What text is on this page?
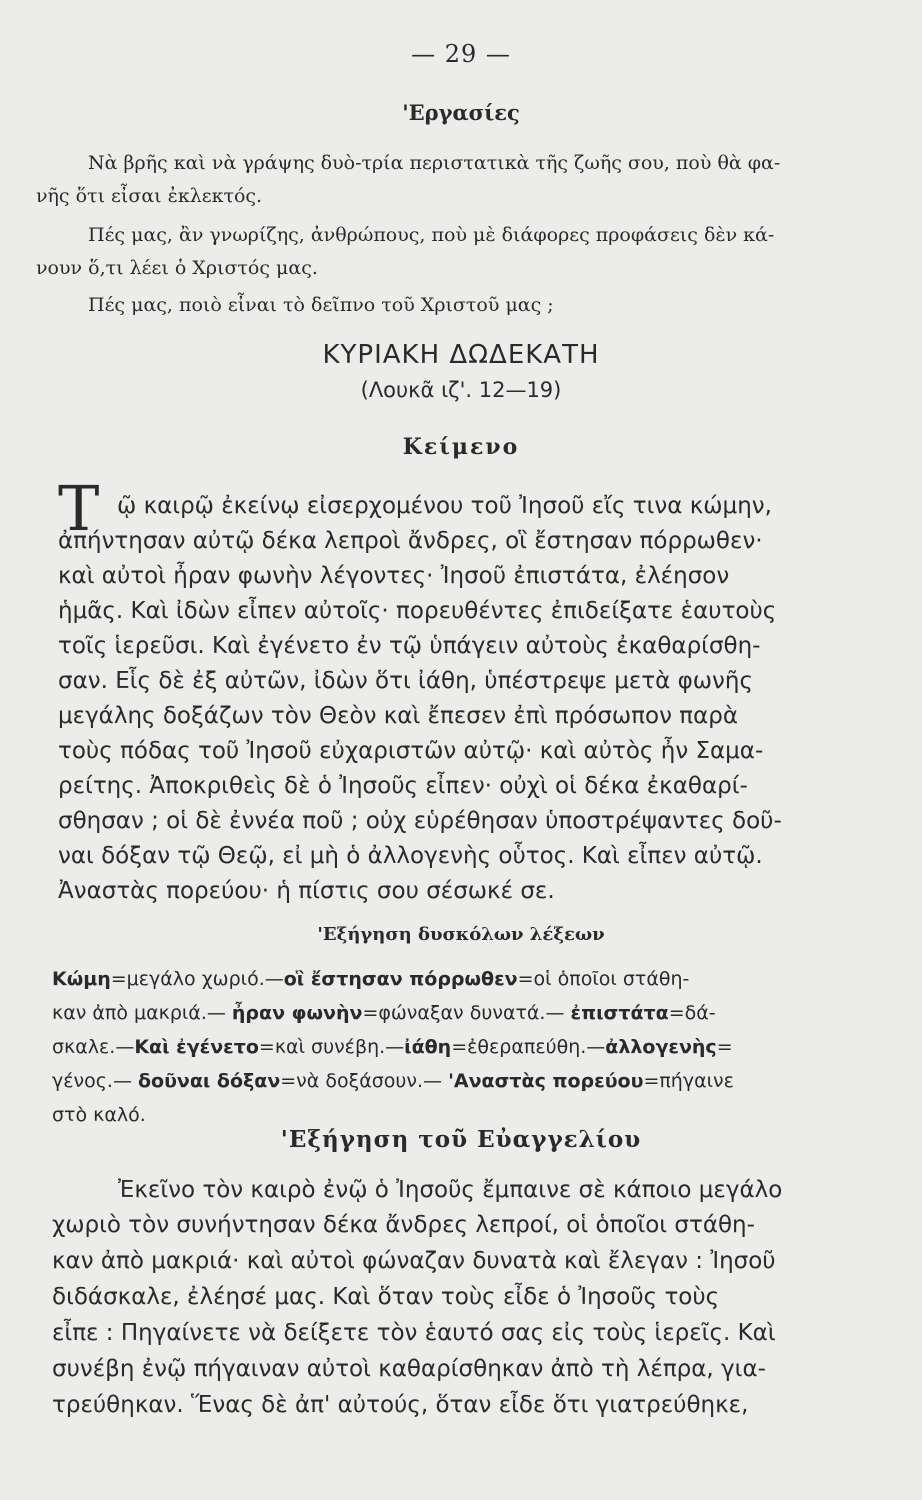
— 29 —
'Εργασίες
Νὰ βρῆς καὶ νὰ γράψης δυὸ-τρία περιστατικὰ τῆς ζωῆς σου, ποὺ θὰ φα-
νῆς ὅτι εἶσαι ἐκλεκτός.
Πές μας, ἂν γνωρίζης, ἀνθρώπους, ποὺ μὲ διάφορες προφάσεις δὲν κά-
νουν ὅ,τι λέει ὁ Χριστός μας.
Πές μας, ποιὸ εἶναι τὸ δεῖπνο τοῦ Χριστοῦ μας ;
ΚΥΡΙΑΚΗ ΔΩΔΕΚΑΤΗ
(Λουκᾶ ιζ'. 12—19)
Κείμενο
Τ ῷ καιρῷ ἐκείνῳ εἰσερχομένου τοῦ Ἰησοῦ εἴς τινα κώμην,
ἀπήντησαν αὐτῷ δέκα λεπροὶ ἄνδρες, οἳ ἔστησαν πόρρωθεν·
καὶ αὐτοὶ ἦραν φωνὴν λέγοντες· Ἰησοῦ ἐπιστάτα, ἐλέησον
ἡμᾶς. Καὶ ἰδὼν εἶπεν αὐτοῖς· πορευθέντες ἐπιδείξατε ἑαυτοὺς
τοῖς ἱερεῦσι. Καὶ ἐγένετο ἐν τῷ ὑπάγειν αὐτοὺς ἐκαθαρίσθη-
σαν. Εἷς δὲ ἐξ αὐτῶν, ἰδὼν ὅτι ἰάθη, ὑπέστρεψε μετὰ φωνῆς
μεγάλης δοξάζων τὸν Θεὸν καὶ ἔπεσεν ἐπὶ πρόσωπον παρὰ
τοὺς πόδας τοῦ Ἰησοῦ εὐχαριστῶν αὐτῷ· καὶ αὐτὸς ἦν Σαμα-
ρείτης. Ἀποκριθεὶς δὲ ὁ Ἰησοῦς εἶπεν· οὐχὶ οἱ δέκα ἐκαθαρί-
σθησαν ; οἱ δὲ ἐννέα ποῦ ; οὐχ εὑρέθησαν ὑποστρέψαντες δοῦ-
ναι δόξαν τῷ Θεῷ, εἰ μὴ ὁ ἀλλογενὴς οὗτος. Καὶ εἶπεν αὐτῷ.
Ἀναστὰς πορεύου· ἡ πίστις σου σέσωκέ σε.
'Εξήγηση δυσκόλων λέξεων
Κώμη=μεγάλο χωριό.—οἳ ἔστησαν πόρρωθεν=οἱ ὁποῖοι στάθη-
καν ἀπὸ μακριά.— ἦραν φωνὴν=φώναξαν δυνατά.— ἐπιστάτα=δά-
σκαλε.—Καὶ ἐγένετο=καὶ συνέβη.—ἰάθη=ἐθεραπεύθη.—ἀλλογενὴς=
γένος.— δοῦναι δόξαν=νὰ δοξάσουν.— 'Αναστὰς πορεύου=πήγαινε
στὸ καλό.
'Εξήγηση τοῦ Εὐαγγελίου
Ἐκεῖνο τὸν καιρὸ ἐνῷ ὁ Ἰησοῦς ἔμπαινε σὲ κάποιο μεγάλο
χωριὸ τὸν συνήντησαν δέκα ἄνδρες λεπροί, οἱ ὁποῖοι στάθη-
καν ἀπὸ μακριά· καὶ αὐτοὶ φώναζαν δυνατὰ καὶ ἔλεγαν : Ἰησοῦ
διδάσκαλε, ἐλέησέ μας. Καὶ ὅταν τοὺς εἶδε ὁ Ἰησοῦς τοὺς
εἶπε : Πηγαίνετε νὰ δείξετε τὸν ἑαυτό σας εἰς τοὺς ἱερεῖς. Καὶ
συνέβη ἐνῷ πήγαιναν αὐτοὶ καθαρίσθηκαν ἀπὸ τὴ λέπρα, για-
τρεύθηκαν. Ἕνας δὲ ἀπ' αὐτούς, ὅταν εἶδε ὅτι γιατρεύθηκε,
